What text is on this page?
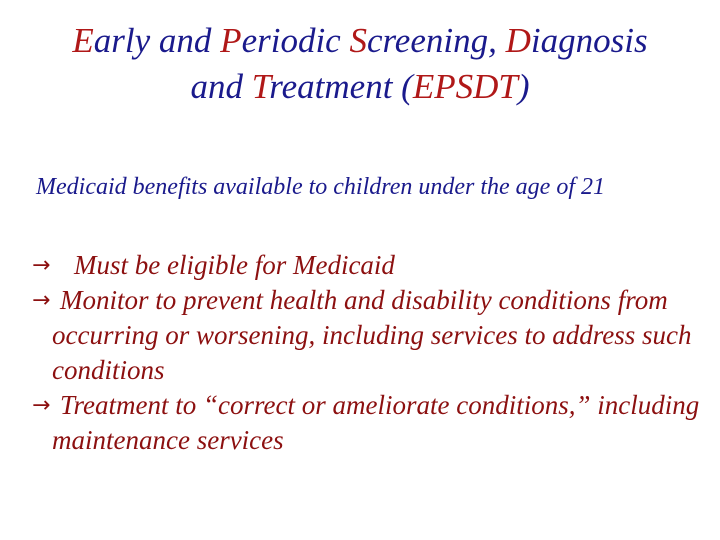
Early and Periodic Screening, Diagnosis
and Treatment (EPSDT)
Medicaid benefits available to children under the age of 21
→ Must be eligible for Medicaid
→ Monitor to prevent health and disability conditions from occurring or worsening, including services to address such conditions
→ Treatment to “correct or ameliorate conditions,” including maintenance services
